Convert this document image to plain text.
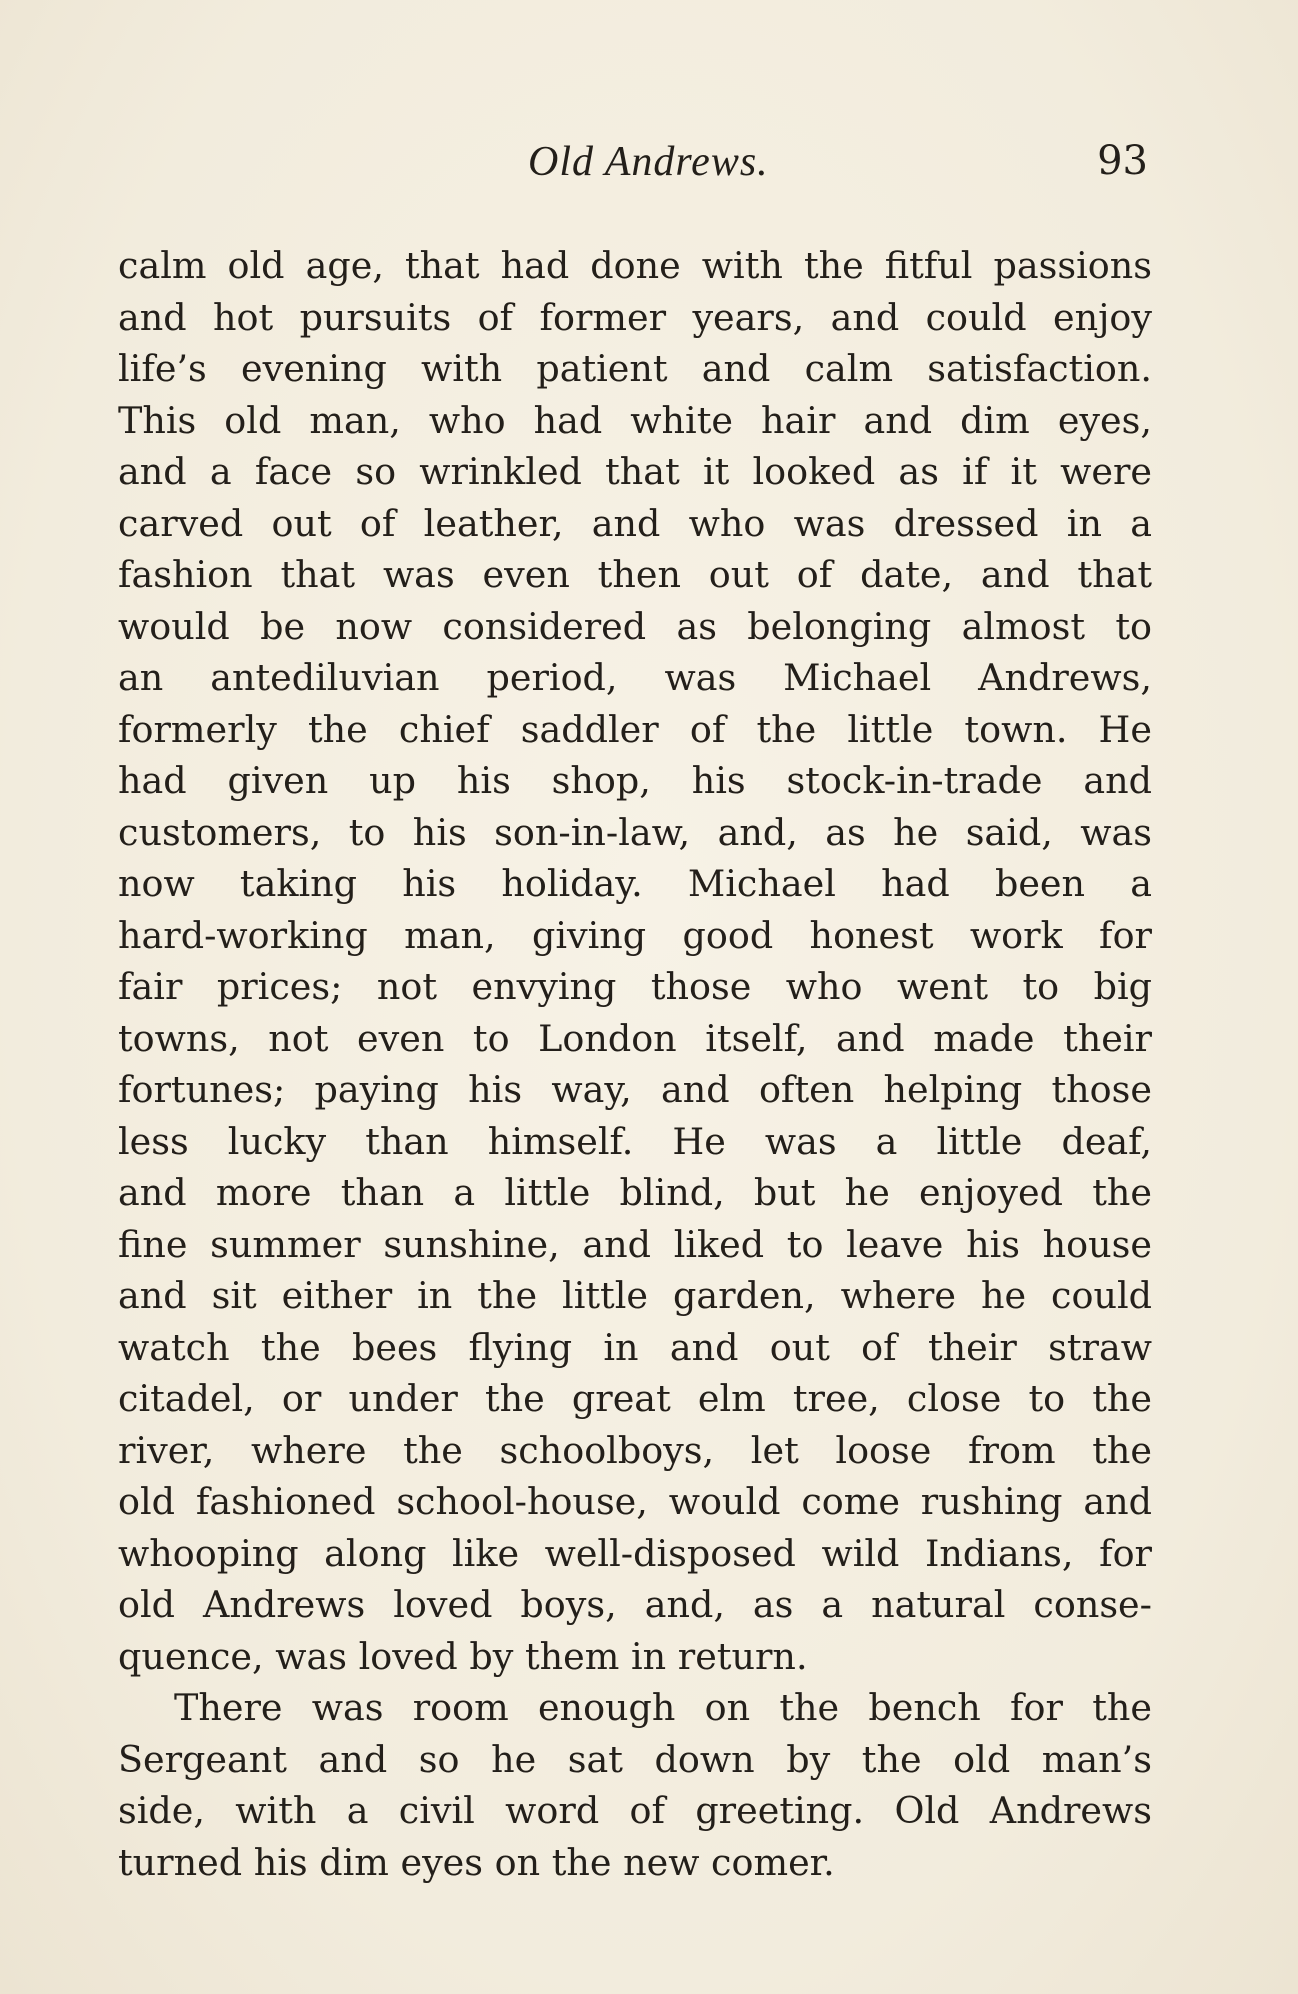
Old Andrews.	93
calm old age, that had done with the fitful passions
and hot pursuits of former years, and could enjoy
life’s evening with patient and calm satisfaction.
This old man, who had white hair and dim eyes,
and a face so wrinkled that it looked as if it were
carved out of leather, and who was dressed in a
fashion that was even then out of date, and that
would be now considered as belonging almost to
an antediluvian period, was Michael Andrews,
formerly the chief saddler of the little town. He
had given up his shop, his stock-in-trade and
customers, to his son-in-law, and, as he said, was
now taking his holiday. Michael had been a
hard-working man, giving good honest work for
fair prices; not envying those who went to big
towns, not even to London itself, and made their
fortunes; paying his way, and often helping those
less lucky than himself. He was a little deaf,
and more than a little blind, but he enjoyed the
fine summer sunshine, and liked to leave his house
and sit either in the little garden, where he could
watch the bees flying in and out of their straw
citadel, or under the great elm tree, close to the
river, where the schoolboys, let loose from the
old fashioned school-house, would come rushing and
whooping along like well-disposed wild Indians, for
old Andrews loved boys, and, as a natural conse-
quence, was loved by them in return.
There was room enough on the bench for the
Sergeant and so he sat down by the old man’s
side, with a civil word of greeting. Old Andrews
turned his dim eyes on the new comer.
